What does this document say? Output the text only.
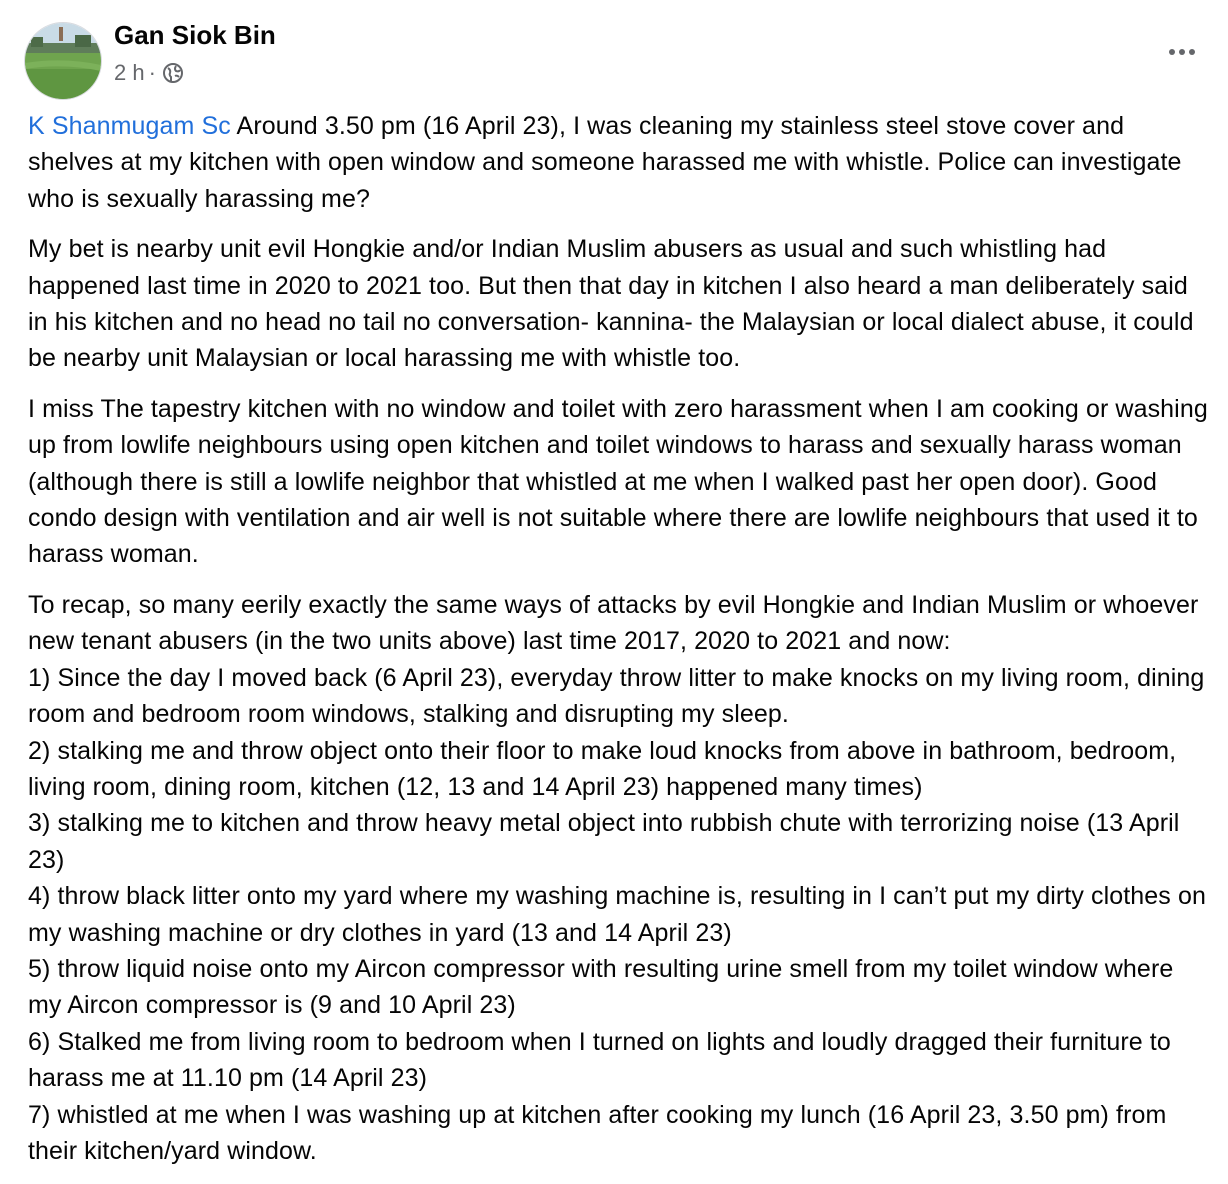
Gan Siok Bin
2 h ·

K Shanmugam Sc Around 3.50 pm (16 April 23), I was cleaning my stainless steel stove cover and shelves at my kitchen with open window and someone harassed me with whistle. Police can investigate who is sexually harassing me?

My bet is nearby unit evil Hongkie and/or Indian Muslim abusers as usual and such whistling had happened last time in 2020 to 2021 too. But then that day in kitchen I also heard a man deliberately said in his kitchen and no head no tail no conversation- kannina- the Malaysian or local dialect abuse, it could be nearby unit Malaysian or local harassing me with whistle too.

I miss The tapestry kitchen with no window and toilet with zero harassment when I am cooking or washing up from lowlife neighbours using open kitchen and toilet windows to harass and sexually harass woman (although there is still a lowlife neighbor that whistled at me when I walked past her open door). Good condo design with ventilation and air well is not suitable where there are lowlife neighbours that used it to harass woman.

To recap, so many eerily exactly the same ways of attacks by evil Hongkie and Indian Muslim or whoever new tenant abusers (in the two units above) last time 2017, 2020 to 2021 and now:
1) Since the day I moved back (6 April 23), everyday throw litter to make knocks on my living room, dining room and bedroom room windows, stalking and disrupting my sleep.
2) stalking me and throw object onto their floor to make loud knocks from above in bathroom, bedroom, living room, dining room, kitchen (12, 13 and 14 April 23) happened many times)
3) stalking me to kitchen and throw heavy metal object into rubbish chute with terrorizing noise (13 April 23)
4) throw black litter onto my yard where my washing machine is, resulting in I can’t put my dirty clothes on my washing machine or dry clothes in yard (13 and 14 April 23)
5) throw liquid noise onto my Aircon compressor with resulting urine smell from my toilet window where my Aircon compressor is (9 and 10 April 23)
6) Stalked me from living room to bedroom when I turned on lights and loudly dragged their furniture to harass me at 11.10 pm (14 April 23)
7) whistled at me when I was washing up at kitchen after cooking my lunch (16 April 23, 3.50 pm) from their kitchen/yard window.
